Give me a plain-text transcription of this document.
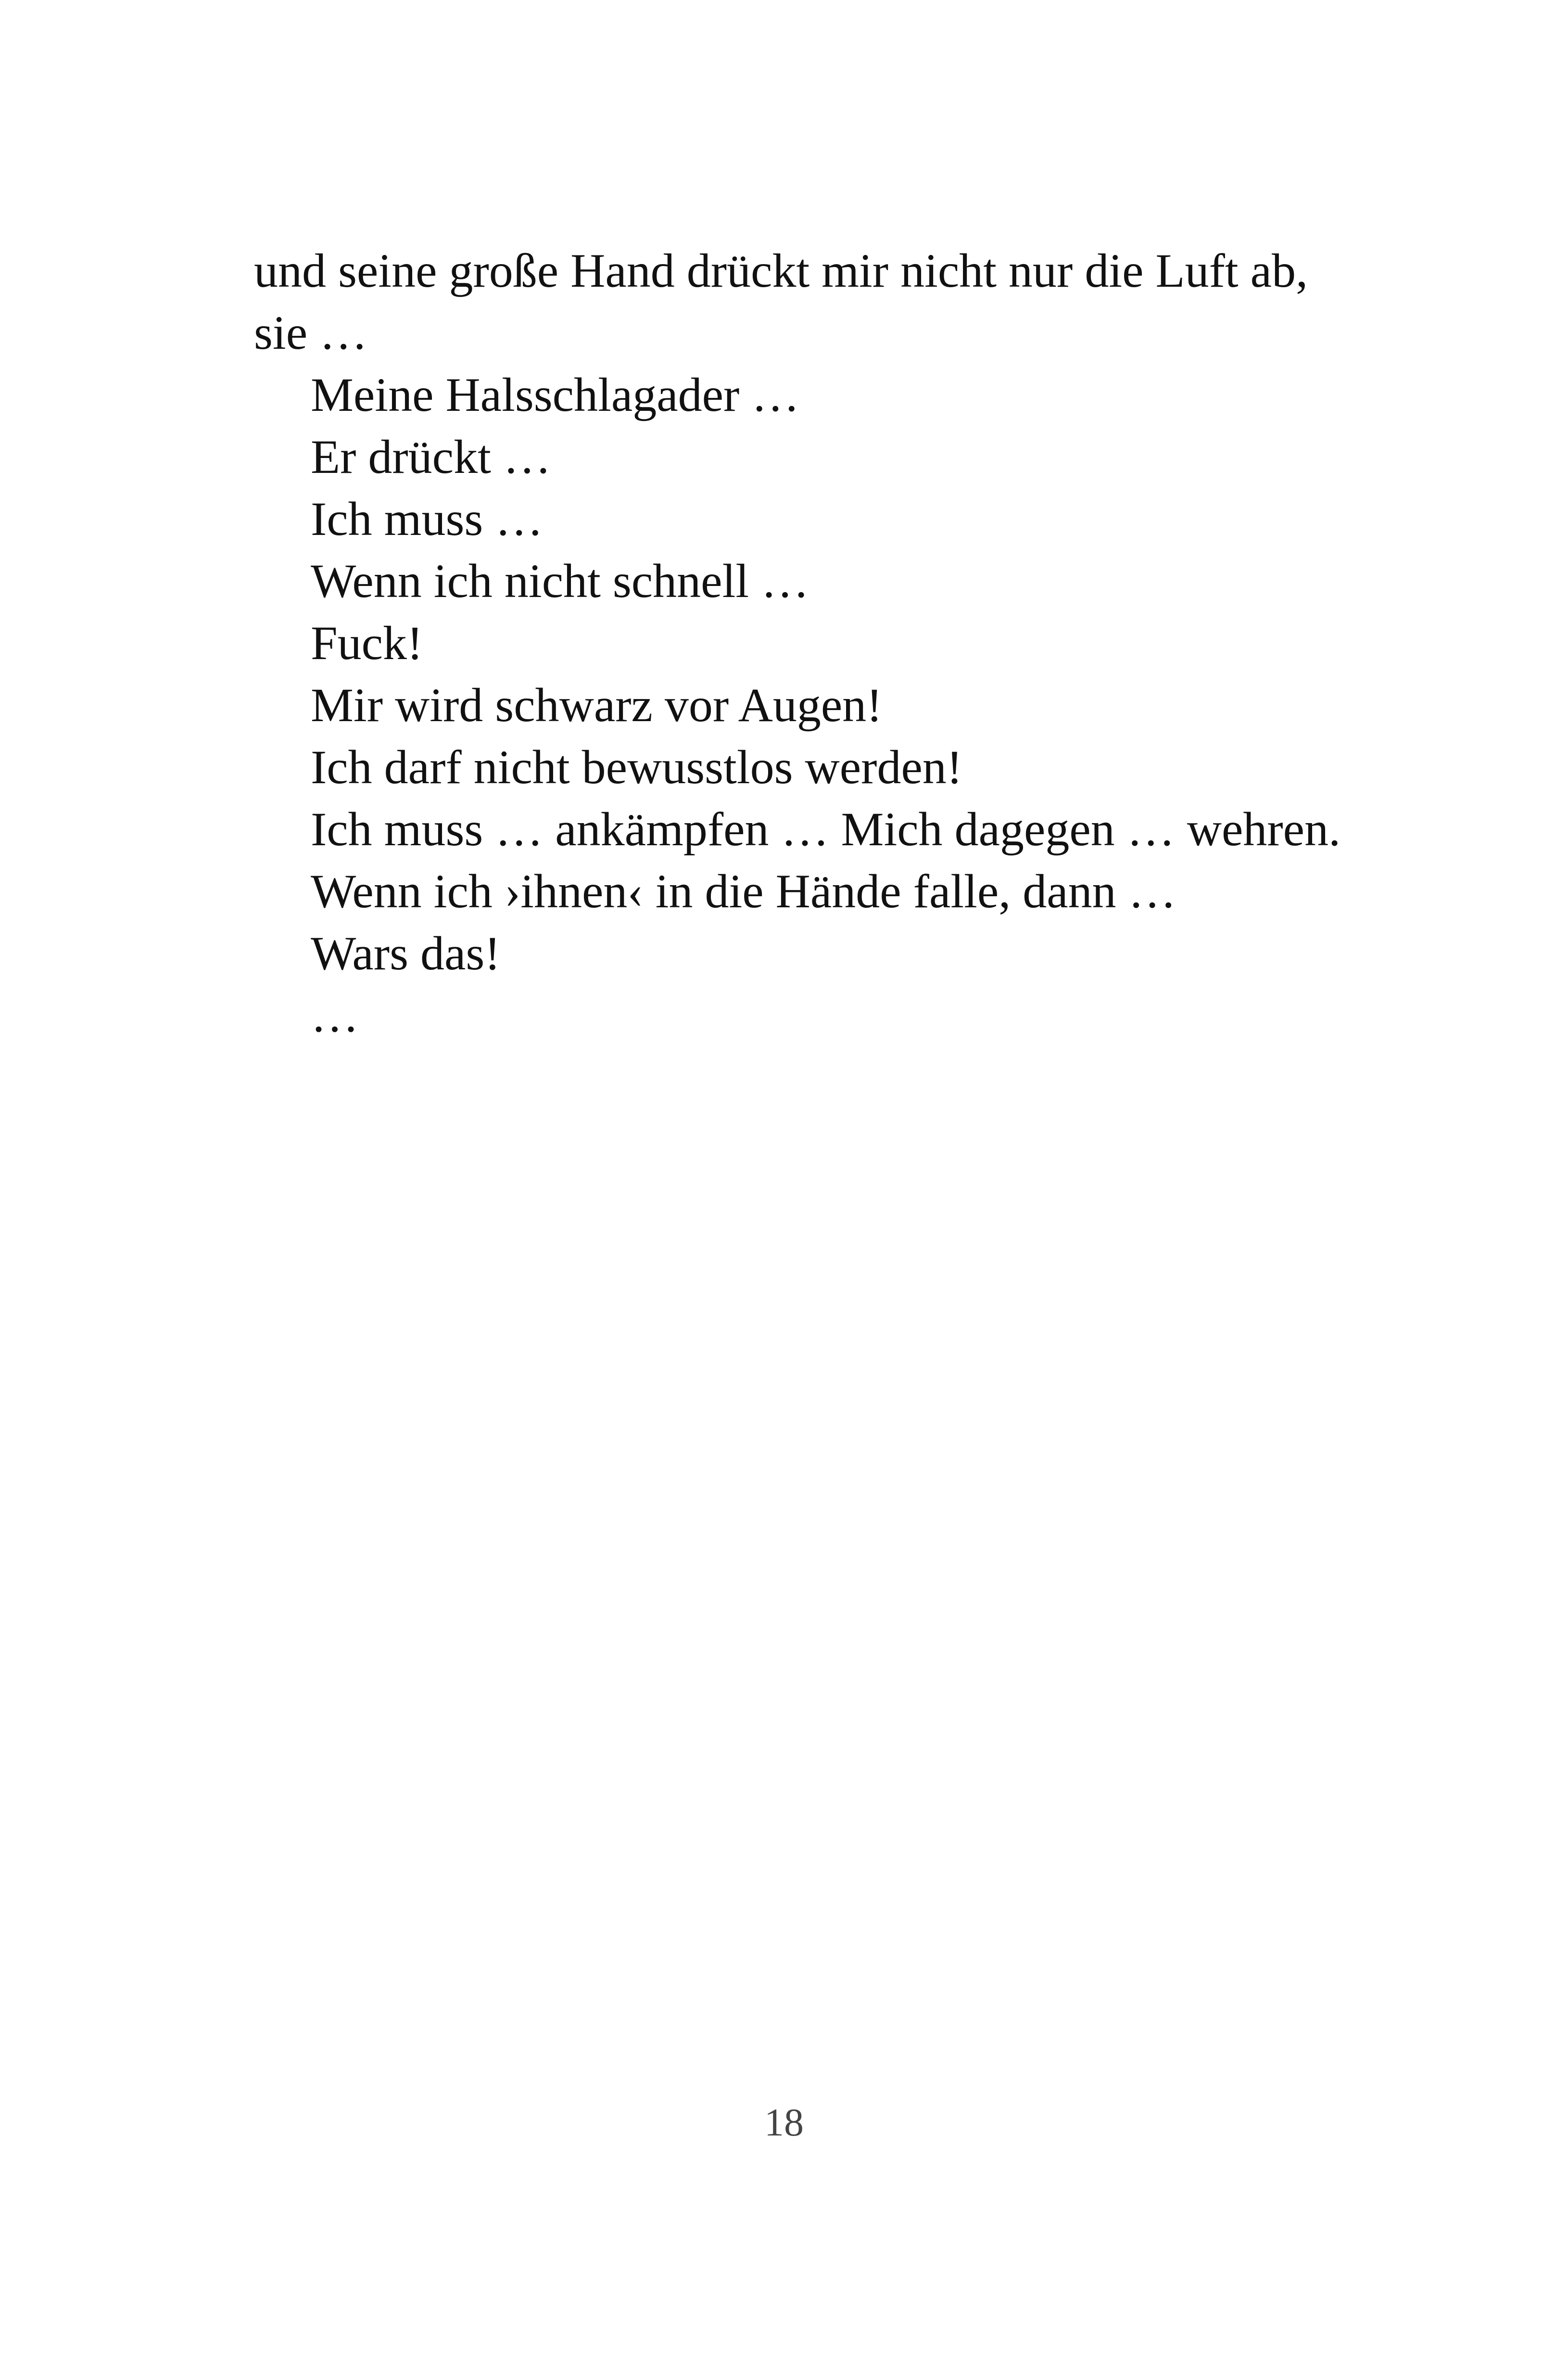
und seine große Hand drückt mir nicht nur die Luft ab, sie …

Meine Halsschlagader …

Er drückt …

Ich muss …

Wenn ich nicht schnell …

Fuck!

Mir wird schwarz vor Augen!

Ich darf nicht bewusstlos werden!

Ich muss … ankämpfen … Mich dagegen … wehren.

Wenn ich ›ihnen‹ in die Hände falle, dann …

Wars das!

…

18
